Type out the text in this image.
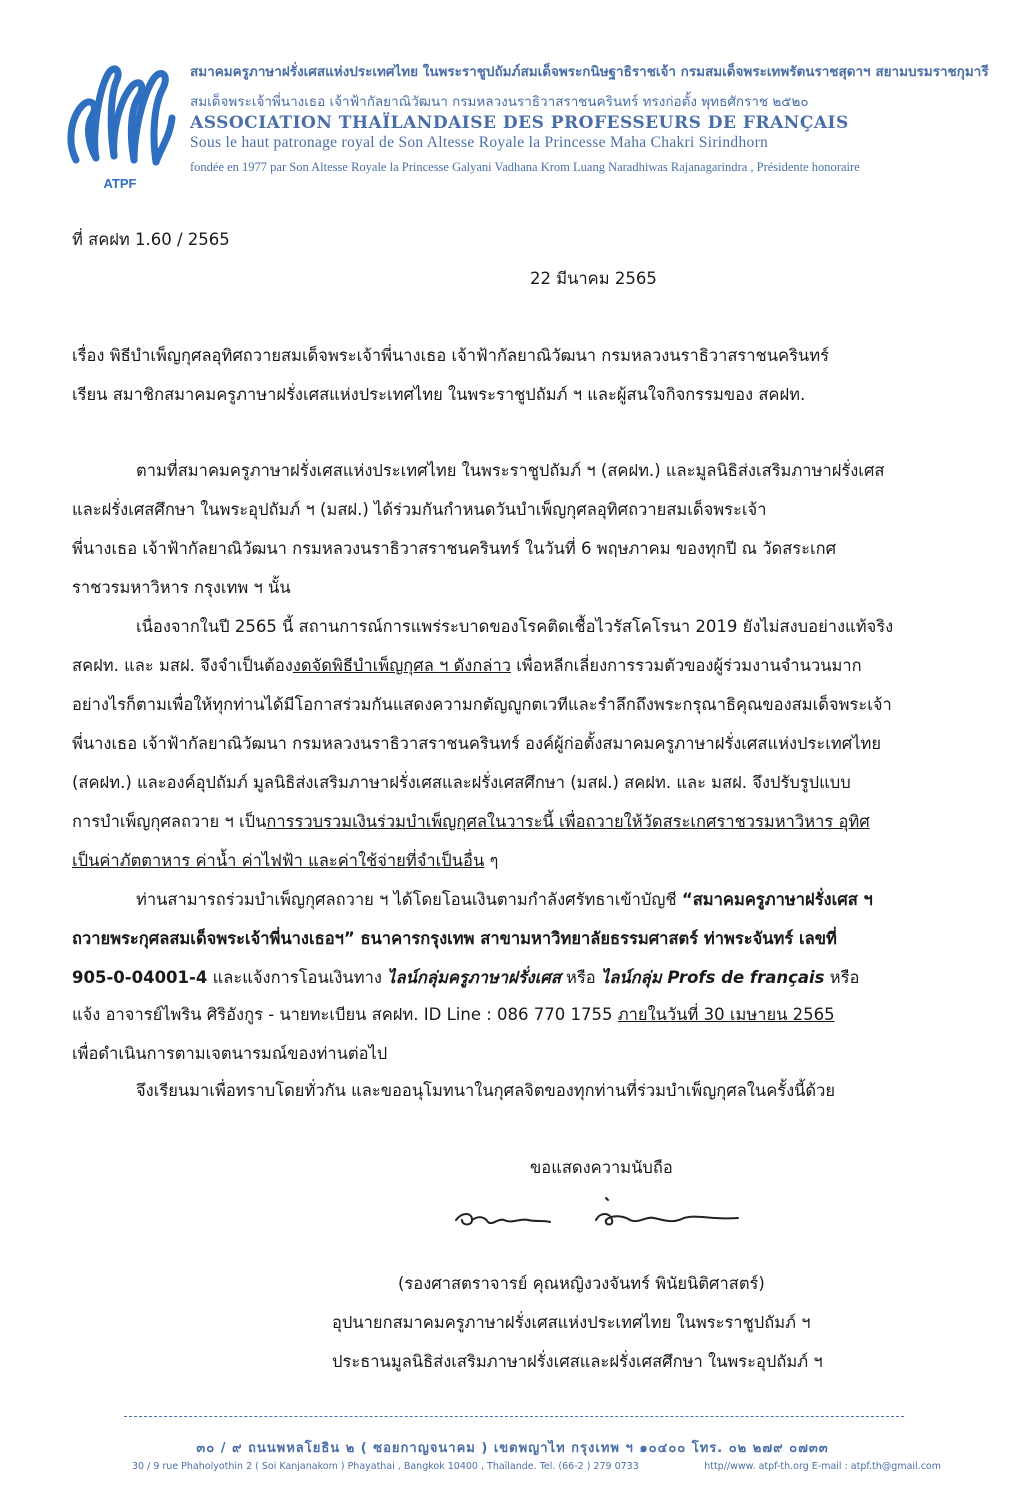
ATPF
สมาคมครูภาษาฝรั่งเศสแห่งประเทศไทย ในพระราชูปถัมภ์สมเด็จพระกนิษฐาธิราชเจ้า กรมสมเด็จพระเทพรัตนราชสุดาฯ สยามบรมราชกุมารี
สมเด็จพระเจ้าพี่นางเธอ เจ้าฟ้ากัลยาณิวัฒนา กรมหลวงนราธิวาสราชนครินทร์ ทรงก่อตั้ง พุทธศักราช ๒๕๒๐
ASSOCIATION THAÏLANDAISE DES PROFESSEURS DE FRANÇAIS
Sous le haut patronage royal de Son Altesse Royale la Princesse Maha Chakri Sirindhorn
fondée en 1977 par Son Altesse Royale la Princesse Galyani Vadhana Krom Luang Naradhiwas Rajanagarindra , Présidente honoraire
ที่ สคฝท 1.60 / 2565
22 มีนาคม 2565
เรื่อง พิธีบำเพ็ญกุศลอุทิศถวายสมเด็จพระเจ้าพี่นางเธอ เจ้าฟ้ากัลยาณิวัฒนา กรมหลวงนราธิวาสราชนครินทร์
เรียน สมาชิกสมาคมครูภาษาฝรั่งเศสแห่งประเทศไทย ในพระราชูปถัมภ์ ฯ และผู้สนใจกิจกรรมของ สคฝท.
ตามที่สมาคมครูภาษาฝรั่งเศสแห่งประเทศไทย ในพระราชูปถัมภ์ ฯ (สคฝท.) และมูลนิธิส่งเสริมภาษาฝรั่งเศส
และฝรั่งเศสศึกษา ในพระอุปถัมภ์ ฯ (มสฝ.) ได้ร่วมกันกำหนดวันบำเพ็ญกุศลอุทิศถวายสมเด็จพระเจ้า
พี่นางเธอ เจ้าฟ้ากัลยาณิวัฒนา กรมหลวงนราธิวาสราชนครินทร์ ในวันที่ 6 พฤษภาคม ของทุกปี ณ วัดสระเกศ
ราชวรมหาวิหาร กรุงเทพ ฯ นั้น
เนื่องจากในปี 2565 นี้ สถานการณ์การแพร่ระบาดของโรคติดเชื้อไวรัสโคโรนา 2019 ยังไม่สงบอย่างแท้จริง
สคฝท. และ มสฝ. จึงจำเป็นต้องงดจัดพิธีบำเพ็ญกุศล ฯ ดังกล่าว เพื่อหลีกเลี่ยงการรวมตัวของผู้ร่วมงานจำนวนมาก
อย่างไรก็ตามเพื่อให้ทุกท่านได้มีโอกาสร่วมกันแสดงความกตัญญูกตเวทีและรำลึกถึงพระกรุณาธิคุณของสมเด็จพระเจ้า
พี่นางเธอ เจ้าฟ้ากัลยาณิวัฒนา กรมหลวงนราธิวาสราชนครินทร์ องค์ผู้ก่อตั้งสมาคมครูภาษาฝรั่งเศสแห่งประเทศไทย
(สคฝท.) และองค์อุปถัมภ์ มูลนิธิส่งเสริมภาษาฝรั่งเศสและฝรั่งเศสศึกษา (มสฝ.) สคฝท. และ มสฝ. จึงปรับรูปแบบ
การบำเพ็ญกุศลถวาย ฯ เป็นการรวบรวมเงินร่วมบำเพ็ญกุศลในวาระนี้ เพื่อถวายให้วัดสระเกศราชวรมหาวิหาร อุทิศ
เป็นค่าภัตตาหาร ค่าน้ำ ค่าไฟฟ้า และค่าใช้จ่ายที่จำเป็นอื่น ๆ
ท่านสามารถร่วมบำเพ็ญกุศลถวาย ฯ ได้โดยโอนเงินตามกำลังศรัทธาเข้าบัญชี “สมาคมครูภาษาฝรั่งเศส ฯ
ถวายพระกุศลสมเด็จพระเจ้าพี่นางเธอฯ” ธนาคารกรุงเทพ สาขามหาวิทยาลัยธรรมศาสตร์ ท่าพระจันทร์ เลขที่
905-0-04001-4 และแจ้งการโอนเงินทาง ไลน์กลุ่มครูภาษาฝรั่งเศส หรือ ไลน์กลุ่ม Profs de français หรือ
แจ้ง อาจารย์ไพริน ศิริอังกูร - นายทะเบียน สคฝท. ID Line : 086 770 1755 ภายในวันที่ 30 เมษายน 2565
เพื่อดำเนินการตามเจตนารมณ์ของท่านต่อไป
จึงเรียนมาเพื่อทราบโดยทั่วกัน และขออนุโมทนาในกุศลจิตของทุกท่านที่ร่วมบำเพ็ญกุศลในครั้งนี้ด้วย
ขอแสดงความนับถือ
(รองศาสตราจารย์ คุณหญิงวงจันทร์ พินัยนิติศาสตร์)
อุปนายกสมาคมครูภาษาฝรั่งเศสแห่งประเทศไทย ในพระราชูปถัมภ์ ฯ
ประธานมูลนิธิส่งเสริมภาษาฝรั่งเศสและฝรั่งเศสศึกษา ในพระอุปถัมภ์ ฯ
๓๐ / ๙ ถนนพหลโยธิน ๒ ( ซอยกาญจนาคม ) เขตพญาไท กรุงเทพ ฯ ๑๐๔๐๐ โทร. ๐๒ ๒๗๙ ๐๗๓๓
30 / 9 rue Phaholyothin 2 ( Soi Kanjanakom ) Phayathai , Bangkok 10400 , Thaïlande. Tel. (66-2 ) 279 0733	http//www. atpf-th.org E-mail : atpf.th@gmail.com
